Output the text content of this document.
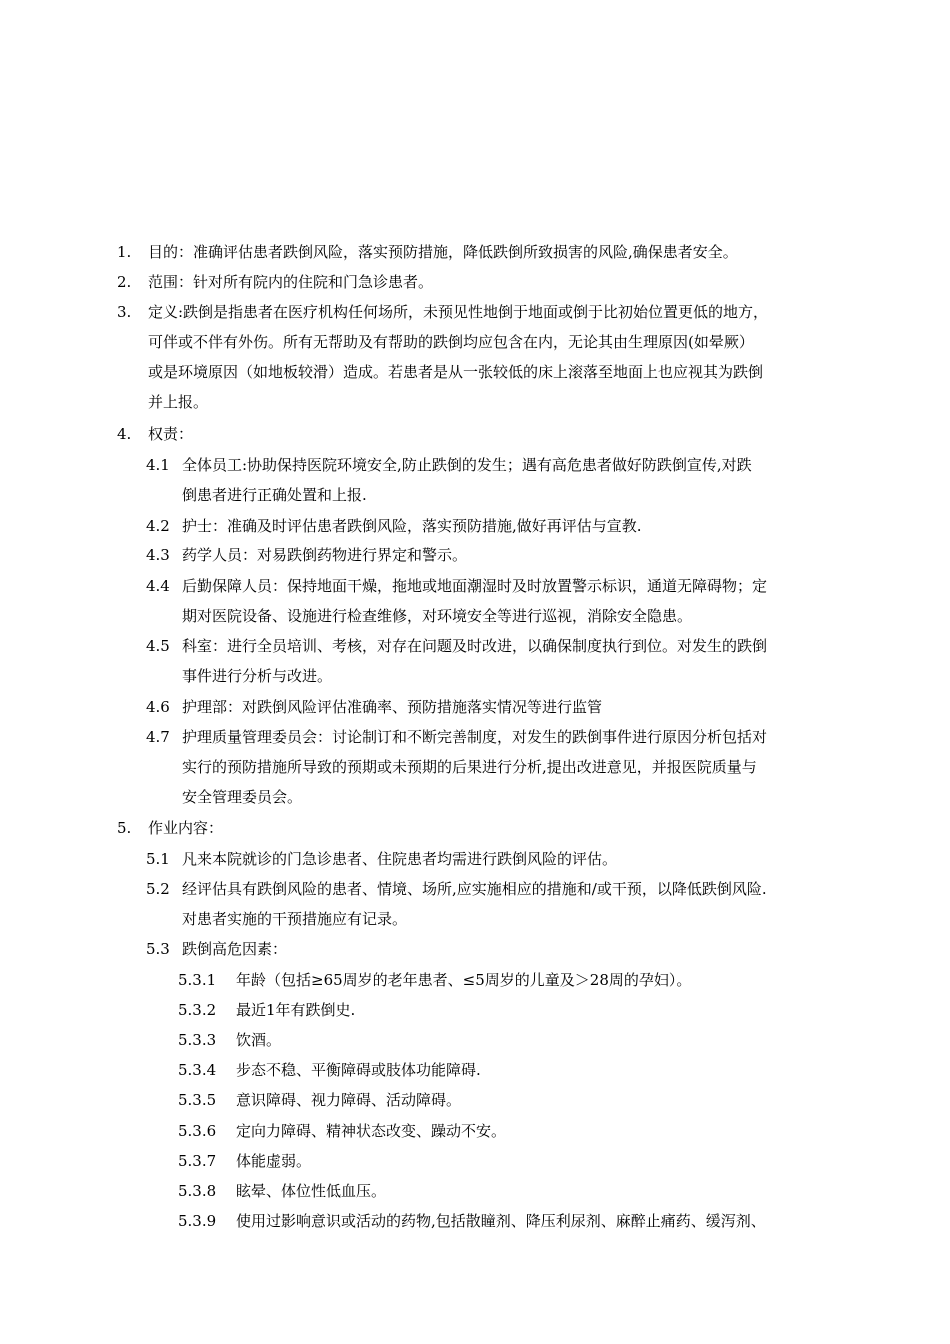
1. 目的：准确评估患者跌倒风险，落实预防措施，降低跌倒所致损害的风险,确保患者安全。
2. 范围：针对所有院内的住院和门急诊患者。
3. 定义:跌倒是指患者在医疗机构任何场所，未预见性地倒于地面或倒于比初始位置更低的地方，
可伴或不伴有外伤。所有无帮助及有帮助的跌倒均应包含在内，无论其由生理原因(如晕厥）
或是环境原因（如地板较滑）造成。若患者是从一张较低的床上滚落至地面上也应视其为跌倒
并上报。
4. 权责：
4.1 全体员工:协助保持医院环境安全,防止跌倒的发生；遇有高危患者做好防跌倒宣传,对跌
倒患者进行正确处置和上报.
4.2 护士：准确及时评估患者跌倒风险，落实预防措施,做好再评估与宣教.
4.3 药学人员：对易跌倒药物进行界定和警示。
4.4 后勤保障人员：保持地面干燥，拖地或地面潮湿时及时放置警示标识，通道无障碍物；定
期对医院设备、设施进行检查维修，对环境安全等进行巡视，消除安全隐患。
4.5 科室：进行全员培训、考核，对存在问题及时改进，以确保制度执行到位。对发生的跌倒
事件进行分析与改进。
4.6 护理部：对跌倒风险评估准确率、预防措施落实情况等进行监管
4.7 护理质量管理委员会：讨论制订和不断完善制度，对发生的跌倒事件进行原因分析包括对
实行的预防措施所导致的预期或未预期的后果进行分析,提出改进意见，并报医院质量与
安全管理委员会。
5. 作业内容：
5.1 凡来本院就诊的门急诊患者、住院患者均需进行跌倒风险的评估。
5.2 经评估具有跌倒风险的患者、情境、场所,应实施相应的措施和/或干预，以降低跌倒风险.
对患者实施的干预措施应有记录。
5.3 跌倒高危因素：
5.3.1 年龄（包括≥65周岁的老年患者、≤5周岁的儿童及＞28周的孕妇）。
5.3.2 最近1年有跌倒史.
5.3.3 饮酒。
5.3.4 步态不稳、平衡障碍或肢体功能障碍.
5.3.5 意识障碍、视力障碍、活动障碍。
5.3.6 定向力障碍、精神状态改变、躁动不安。
5.3.7 体能虚弱。
5.3.8 眩晕、体位性低血压。
5.3.9 使用过影响意识或活动的药物,包括散瞳剂、降压利尿剂、麻醉止痛药、缓泻剂、
